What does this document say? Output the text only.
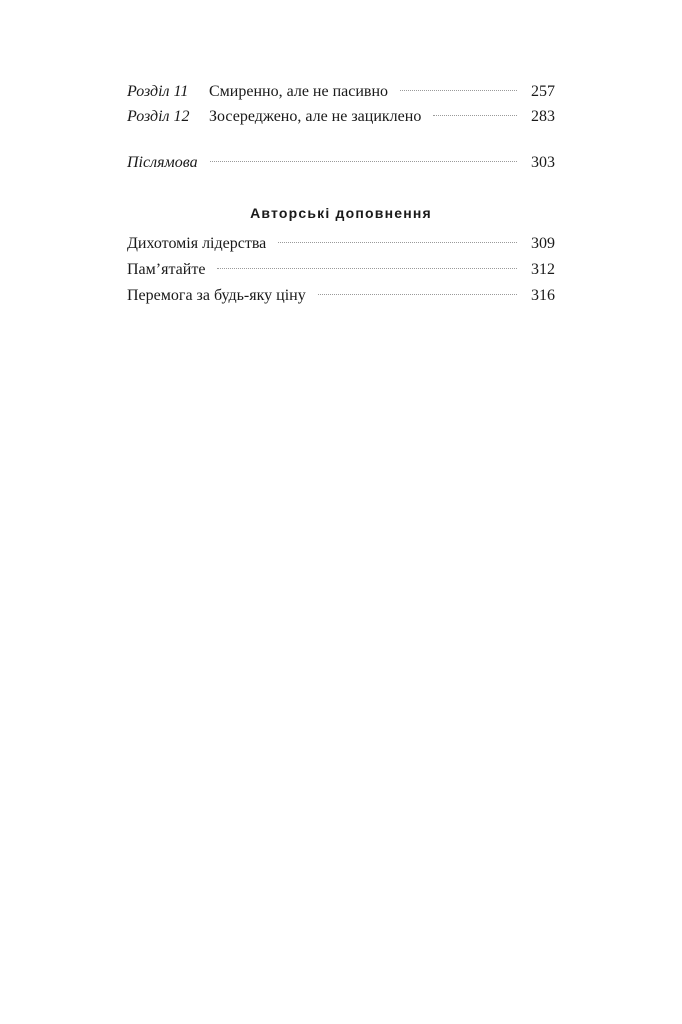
Розділ 11	Смиренно, але не пасивно	257
Розділ 12	Зосереджено, але не зациклено	283
Післямова	303
Авторські доповнення
Дихотомія лідерства	309
Пам’ятайте	312
Перемога за будь-яку ціну	316
